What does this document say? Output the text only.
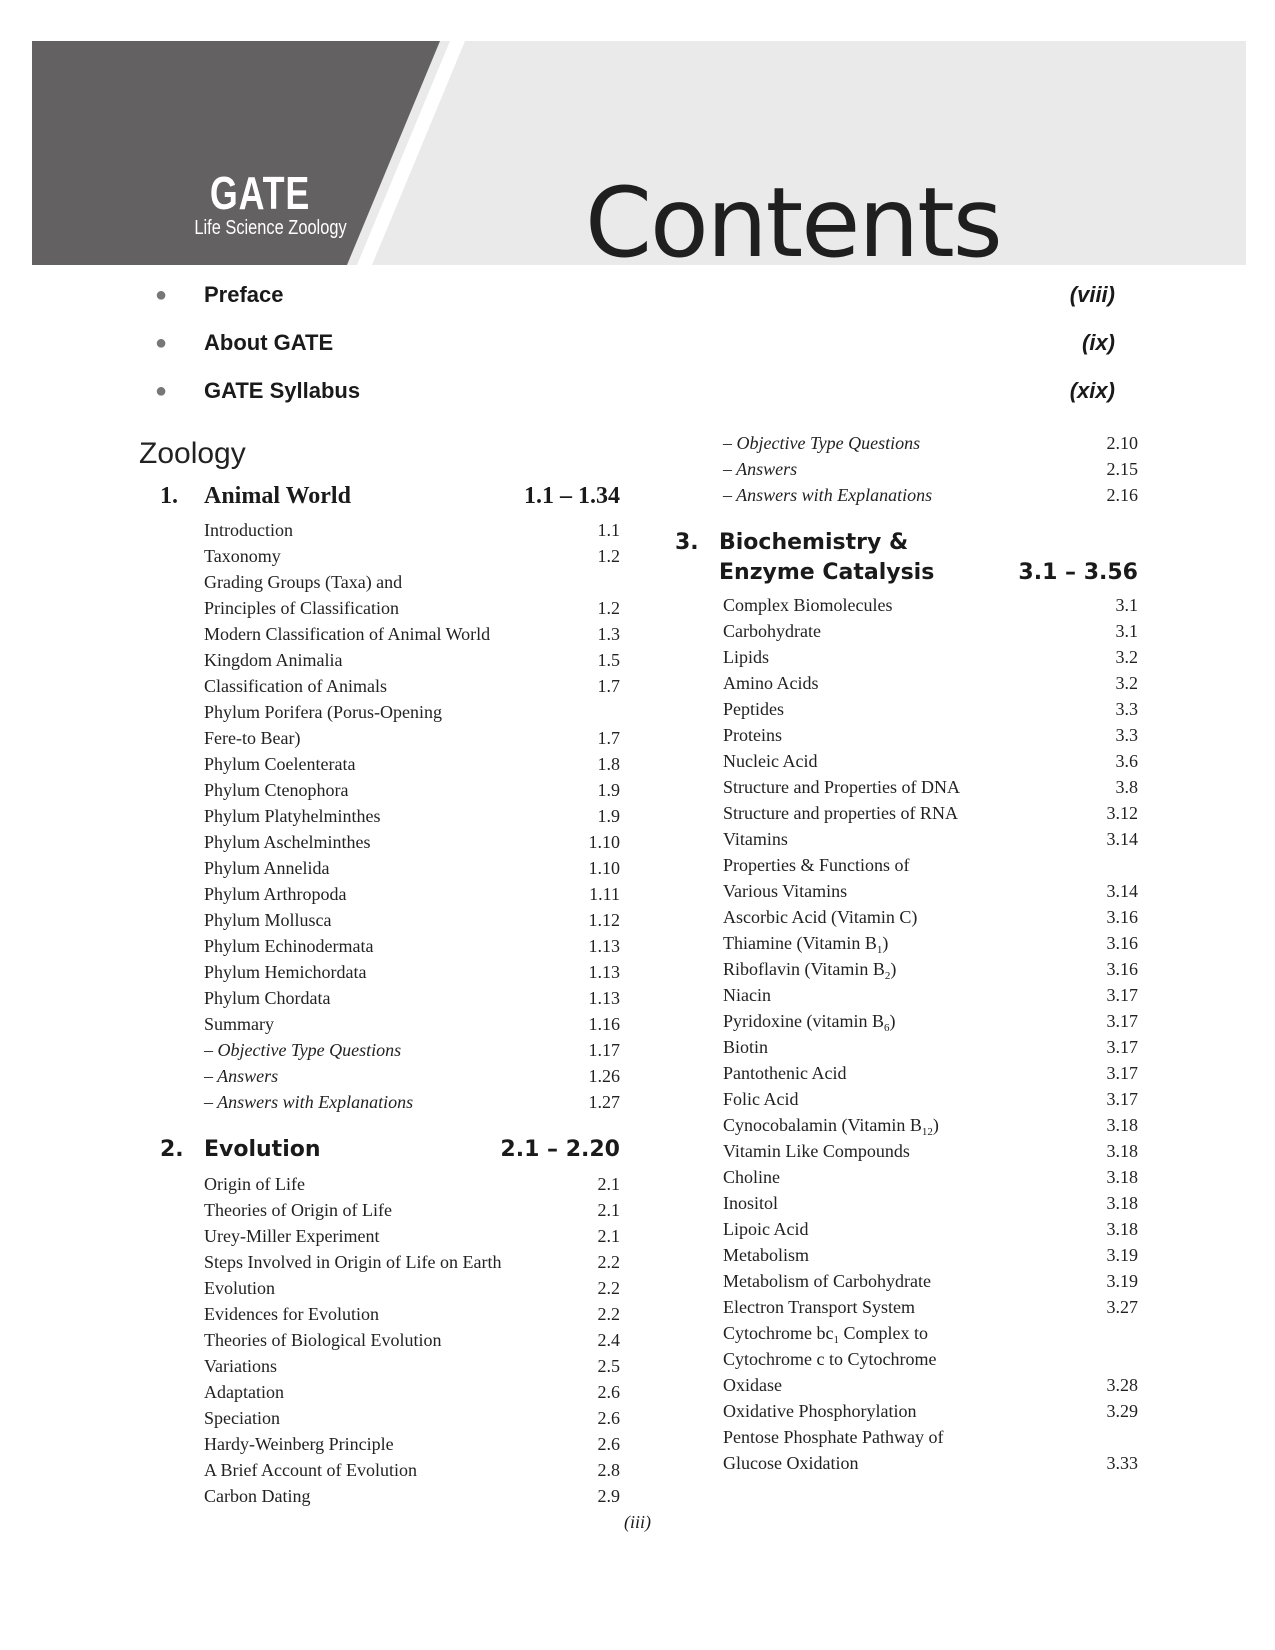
GATE
Life Science Zoology Contents
● Preface	(viii)
● About GATE	(ix)
● GATE Syllabus	(xix)
Zoology
1. Animal World	1.1 – 1.34
Introduction	1.1
Taxonomy	1.2
Grading Groups (Taxa) and
Principles of Classification	1.2
Modern Classification of Animal World	1.3
Kingdom Animalia	1.5
Classification of Animals	1.7
Phylum Porifera (Porus-Opening
Fere-to Bear)	1.7
Phylum Coelenterata	1.8
Phylum Ctenophora	1.9
Phylum Platyhelminthes	1.9
Phylum Aschelminthes	1.10
Phylum Annelida	1.10
Phylum Arthropoda	1.11
Phylum Mollusca	1.12
Phylum Echinodermata	1.13
Phylum Hemichordata	1.13
Phylum Chordata	1.13
Summary	1.16
– Objective Type Questions	1.17
– Answers	1.26
– Answers with Explanations	1.27
2. Evolution	2.1 – 2.20
Origin of Life	2.1
Theories of Origin of Life	2.1
Urey-Miller Experiment	2.1
Steps Involved in Origin of Life on Earth	2.2
Evolution	2.2
Evidences for Evolution	2.2
Theories of Biological Evolution	2.4
Variations	2.5
Adaptation	2.6
Speciation	2.6
Hardy-Weinberg Principle	2.6
A Brief Account of Evolution	2.8
Carbon Dating	2.9
– Objective Type Questions	2.10
– Answers	2.15
– Answers with Explanations	2.16
3. Biochemistry &
Enzyme Catalysis	3.1 – 3.56
Complex Biomolecules	3.1
Carbohydrate	3.1
Lipids	3.2
Amino Acids	3.2
Peptides	3.3
Proteins	3.3
Nucleic Acid	3.6
Structure and Properties of DNA	3.8
Structure and properties of RNA	3.12
Vitamins	3.14
Properties & Functions of
Various Vitamins	3.14
Ascorbic Acid (Vitamin C)	3.16
Thiamine (Vitamin $B_1$)	3.16
Riboflavin (Vitamin $B_2$)	3.16
Niacin	3.17
Pyridoxine (vitamin $B_6$)	3.17
Biotin	3.17
Pantothenic Acid	3.17
Folic Acid	3.17
Cynocobalamin (Vitamin $B_{12}$)	3.18
Vitamin Like Compounds	3.18
Choline	3.18
Inositol	3.18
Lipoic Acid	3.18
Metabolism	3.19
Metabolism of Carbohydrate	3.19
Electron Transport System	3.27
Cytochrome $bc_1$ Complex to
Cytochrome c to Cytochrome
Oxidase	3.28
Oxidative Phosphorylation	3.29
Pentose Phosphate Pathway of
Glucose Oxidation	3.33
(iii)
